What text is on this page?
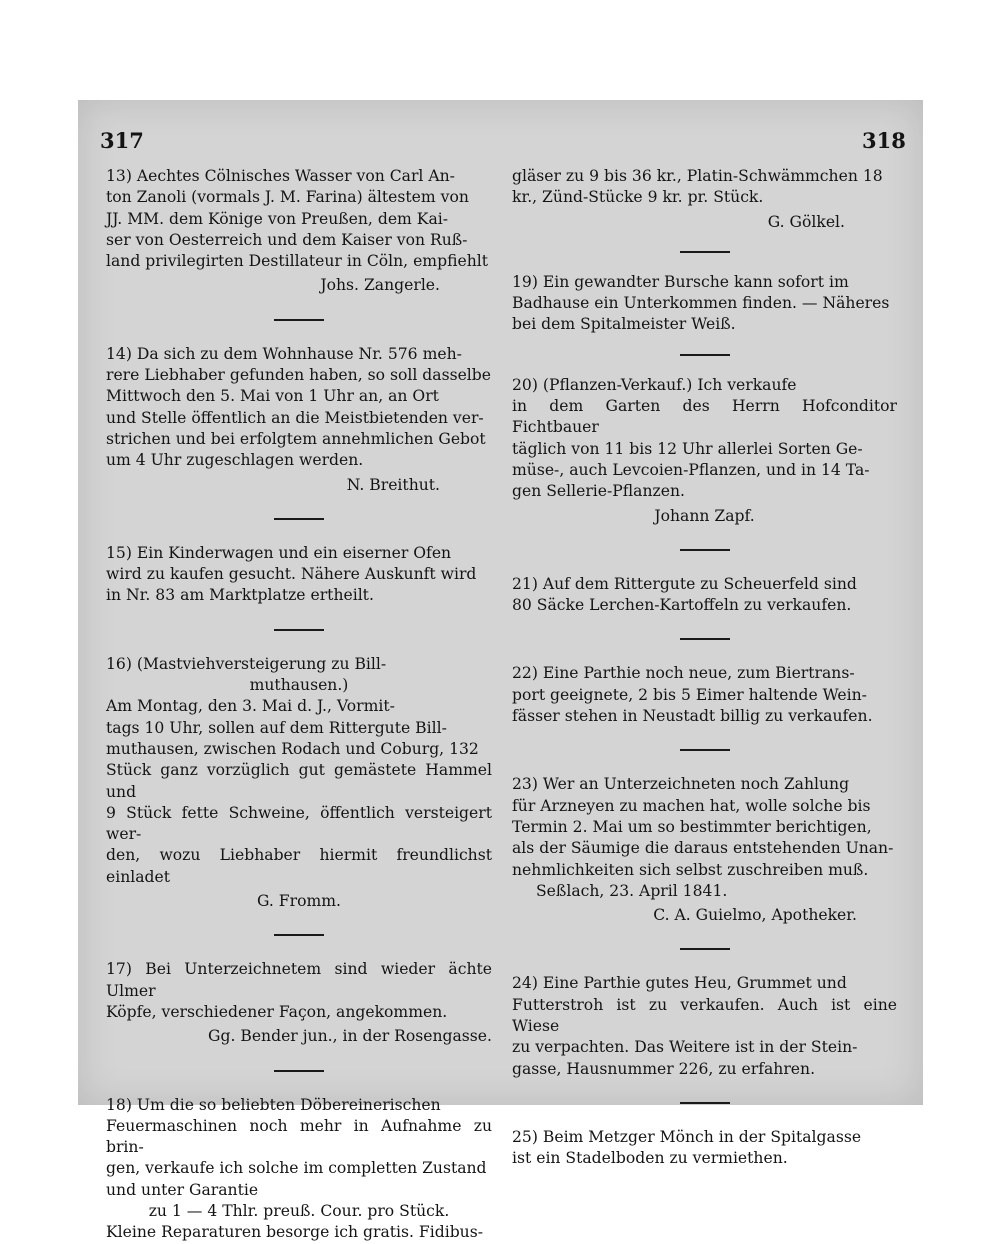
317	318

13) Aechtes Cölnisches Wasser von Carl An-

ton Zanoli (vormals J. M. Farina) ältestem von

JJ. MM. dem Könige von Preußen, dem Kai-

ser von Oesterreich und dem Kaiser von Ruß-

land privilegirten Destillateur in Cöln, empfiehlt

Johs. Zangerle.

14) Da sich zu dem Wohnhause Nr. 576 meh-

rere Liebhaber gefunden haben, so soll dasselbe

Mittwoch den 5. Mai von 1 Uhr an, an Ort

und Stelle öffentlich an die Meistbietenden ver-

strichen und bei erfolgtem annehmlichen Gebot

um 4 Uhr zugeschlagen werden.

N. Breithut.

15) Ein Kinderwagen und ein eiserner Ofen

wird zu kaufen gesucht. Nähere Auskunft wird

in Nr. 83 am Marktplatze ertheilt.

16) (Mastviehversteigerung zu Bill-

muthausen.)

Am Montag, den 3. Mai d. J., Vormit-

tags 10 Uhr, sollen auf dem Rittergute Bill-

muthausen, zwischen Rodach und Coburg, 132

Stück ganz vorzüglich gut gemästete Hammel und

9 Stück fette Schweine, öffentlich versteigert wer-

den, wozu Liebhaber hiermit freundlichst einladet

G. Fromm.

17) Bei Unterzeichnetem sind wieder ächte Ulmer

Köpfe, verschiedener Façon, angekommen.

Gg. Bender jun., in der Rosengasse.

18) Um die so beliebten Döbereinerischen

Feuermaschinen noch mehr in Aufnahme zu brin-

gen, verkaufe ich solche im completten Zustand

und unter Garantie

zu 1 — 4 Thlr. preuß. Cour. pro Stück.

Kleine Reparaturen besorge ich gratis. Fidibus-

gläser zu 9 bis 36 kr., Platin-Schwämmchen 18

kr., Zünd-Stücke 9 kr. pr. Stück.

G. Gölkel.

19) Ein gewandter Bursche kann sofort im

Badhause ein Unterkommen finden. — Näheres

bei dem Spitalmeister Weiß.

20) (Pflanzen-Verkauf.) Ich verkaufe

in dem Garten des Herrn Hofconditor Fichtbauer

täglich von 11 bis 12 Uhr allerlei Sorten Ge-

müse-, auch Levcoien-Pflanzen, und in 14 Ta-

gen Sellerie-Pflanzen.

Johann Zapf.

21) Auf dem Rittergute zu Scheuerfeld sind

80 Säcke Lerchen-Kartoffeln zu verkaufen.

22) Eine Parthie noch neue, zum Biertrans-

port geeignete, 2 bis 5 Eimer haltende Wein-

fässer stehen in Neustadt billig zu verkaufen.

23) Wer an Unterzeichneten noch Zahlung

für Arzneyen zu machen hat, wolle solche bis

Termin 2. Mai um so bestimmter berichtigen,

als der Säumige die daraus entstehenden Unan-

nehmlichkeiten sich selbst zuschreiben muß.

Seßlach, 23. April 1841.

C. A. Guielmo, Apotheker.

24) Eine Parthie gutes Heu, Grummet und

Futterstroh ist zu verkaufen. Auch ist eine Wiese

zu verpachten. Das Weitere ist in der Stein-

gasse, Hausnummer 226, zu erfahren.

25) Beim Metzger Mönch in der Spitalgasse

ist ein Stadelboden zu vermiethen.
